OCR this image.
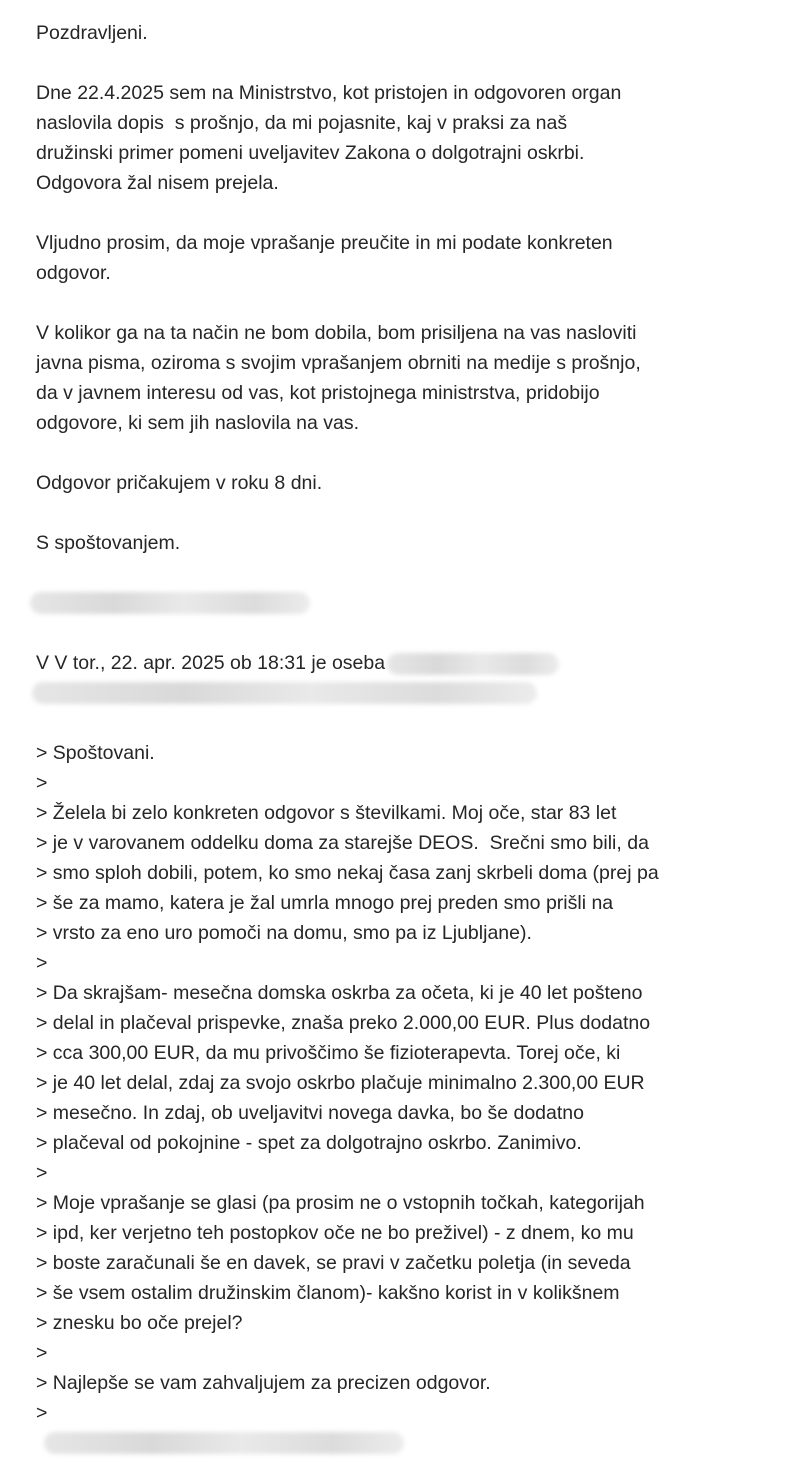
Pozdravljeni.
Dne 22.4.2025 sem na Ministrstvo, kot pristojen in odgovoren organ
naslovila dopis  s prošnjo, da mi pojasnite, kaj v praksi za naš
družinski primer pomeni uveljavitev Zakona o dolgotrajni oskrbi.
Odgovora žal nisem prejela.
Vljudno prosim, da moje vprašanje preučite in mi podate konkreten
odgovor.
V kolikor ga na ta način ne bom dobila, bom prisiljena na vas nasloviti
javna pisma, oziroma s svojim vprašanjem obrniti na medije s prošnjo,
da v javnem interesu od vas, kot pristojnega ministrstva, pridobijo
odgovore, ki sem jih naslovila na vas.
Odgovor pričakujem v roku 8 dni.
S spoštovanjem.
V V tor., 22. apr. 2025 ob 18:31 je oseba
> Spoštovani.
>
> Želela bi zelo konkreten odgovor s številkami. Moj oče, star 83 let
> je v varovanem oddelku doma za starejše DEOS.  Srečni smo bili, da
> smo sploh dobili, potem, ko smo nekaj časa zanj skrbeli doma (prej pa
> še za mamo, katera je žal umrla mnogo prej preden smo prišli na
> vrsto za eno uro pomoči na domu, smo pa iz Ljubljane).
>
> Da skrajšam- mesečna domska oskrba za očeta, ki je 40 let pošteno
> delal in plačeval prispevke, znaša preko 2.000,00 EUR. Plus dodatno
> cca 300,00 EUR, da mu privoščimo še fizioterapevta. Torej oče, ki
> je 40 let delal, zdaj za svojo oskrbo plačuje minimalno 2.300,00 EUR
> mesečno. In zdaj, ob uveljavitvi novega davka, bo še dodatno
> plačeval od pokojnine - spet za dolgotrajno oskrbo. Zanimivo.
>
> Moje vprašanje se glasi (pa prosim ne o vstopnih točkah, kategorijah
> ipd, ker verjetno teh postopkov oče ne bo preživel) - z dnem, ko mu
> boste zaračunali še en davek, se pravi v začetku poletja (in seveda
> še vsem ostalim družinskim članom)- kakšno korist in v kolikšnem
> znesku bo oče prejel?
>
> Najlepše se vam zahvaljujem za precizen odgovor.
>
